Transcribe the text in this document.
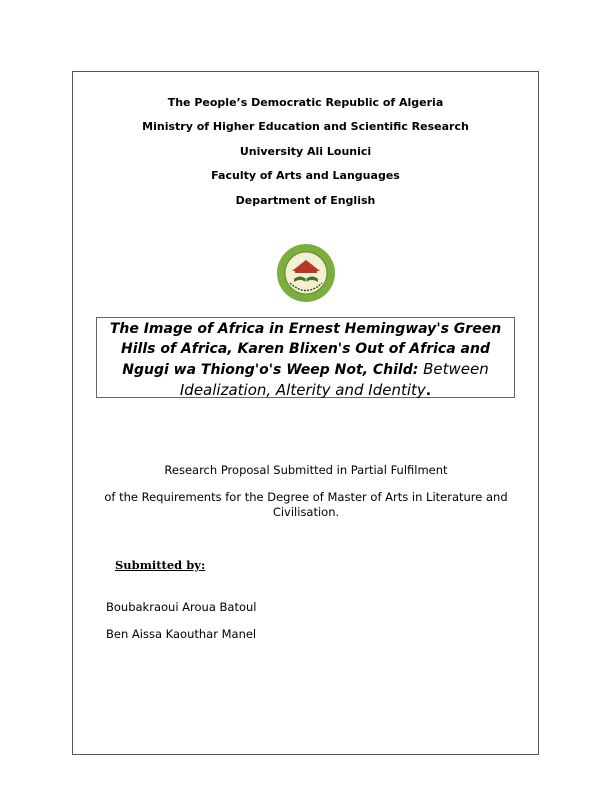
The People’s Democratic Republic of Algeria
Ministry of Higher Education and Scientific Research
University Ali Lounici
Faculty of Arts and Languages
Department of English
The Image of Africa in Ernest Hemingway's Green
Hills of Africa, Karen Blixen's Out of Africa and
Ngugi wa Thiong'o's Weep Not, Child: Between
Idealization, Alterity and Identity.
Research Proposal Submitted in Partial Fulfilment
of the Requirements for the Degree of Master of Arts in Literature and Civilisation.
Submitted by:
Boubakraoui Aroua Batoul
Ben Aissa Kaouthar Manel
